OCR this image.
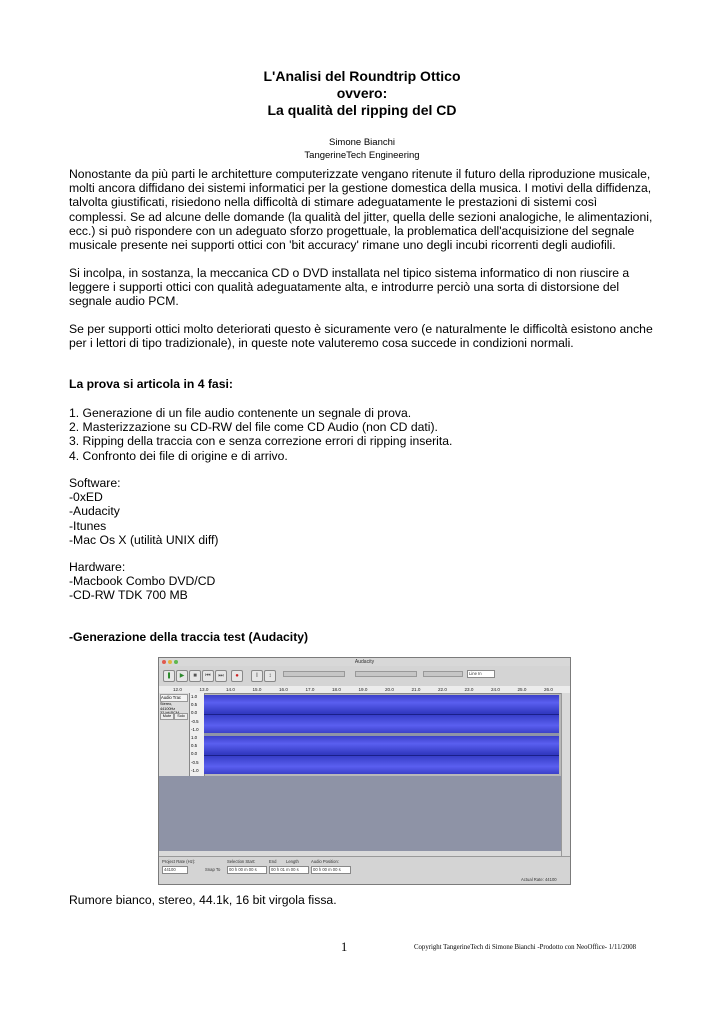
L'Analisi del Roundtrip Ottico
ovvero:
La qualità del ripping del CD
Simone Bianchi
TangerineTech Engineering
Nonostante da più parti le architetture computerizzate vengano ritenute il futuro della riproduzione musicale,
molti ancora diffidano dei sistemi informatici per la gestione domestica della musica. I motivi della diffidenza,
talvolta giustificati, risiedono nella difficoltà di stimare adeguatamente le prestazioni di sistemi così
complessi. Se ad alcune delle domande (la qualità del jitter, quella delle sezioni analogiche, le alimentazioni,
ecc.) si può rispondere con un adeguato sforzo progettuale, la problematica dell'acquisizione del segnale
musicale presente nei supporti ottici con 'bit accuracy' rimane uno degli incubi ricorrenti degli audiofili.
Si incolpa, in sostanza, la meccanica CD o DVD installata nel tipico sistema informatico di non riuscire a
leggere i supporti ottici con qualità adeguatamente alta, e introdurre perciò una sorta di distorsione del
segnale audio PCM.
Se per supporti ottici molto deteriorati questo è sicuramente vero (e naturalmente le difficoltà esistono anche
per i lettori di tipo tradizionale), in queste note valuteremo cosa succede in condizioni normali.
La prova si articola in 4 fasi:
1. Generazione di un file audio contenente un segnale di prova.
2. Masterizzazione su CD-RW del file come CD Audio (non CD dati).
3. Ripping della traccia con e senza correzione errori di ripping inserita.
4. Confronto dei file di origine e di arrivo.
Software:
-0xED
-Audacity
-Itunes
-Mac Os X (utilità UNIX diff)
Hardware:
-Macbook Combo DVD/CD
-CD-RW TDK 700 MB
-Generazione della traccia test (Audacity)
Audacity
❚	▶	■	⏮	⏭	●	I	↕	Line In
12.0	13.0	14.0	15.0	16.0	17.0	18.0	19.0	20.0	21.0	22.0	23.0	24.0	25.0	26.0
Audio Trac
Stereo, 44100Hz

Mute	Solo
1.0
0.5
0.0
-0.5
-1.0
1.0
0.5
0.0
-0.5
-1.0
Project Rate (Hz):
44100
Selection Start:	End Length	Audio Position:
Snap To	00 h 00 m 00 s	00 h 01 m 00 s	00 h 00 m 00 s
Actual Rate: 44100
Rumore bianco, stereo, 44.1k, 16 bit virgola fissa.
1	Copyright TangerineTech di Simone Bianchi -Prodotto con NeoOffice- 1/11/2008
